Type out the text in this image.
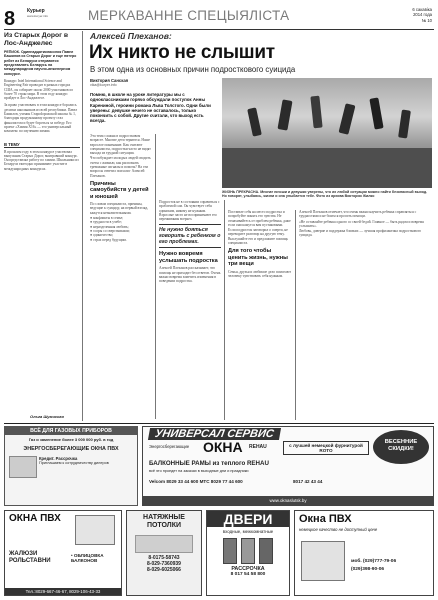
8 Курьер
www.kuryer.info	МЕРКАВАННЕ СПЕЦЫЯЛІСТА	6 сакавіка
2014 года
№ 10
Из Старых Дорог в Лос-Анджелес
РЕПИОК. Одиннадцатиклассник Павел Башилов из Старых Дорог и еще пятеро ребят из Беларуси отправятся представлять Беларусь на международном научно-инженерном конкурсе.
Конкурс Intel International Science and Engineering Fair проводят в разных городах США, он собирает около 2000 участников из более 70 стран мира. В этом году конкурс пройдет в Лос-Анджелесе.
За право участвовать в этом конкурсе боролись десятки школьников из всей республики. Павел Башилов, ученик Староdорожской школы № 1, благодаря продуманному проекту стал финалистом и будет бороться за победу. Его проект «Химия Х16» — это универсальный комплекс по изучению химии.
В ТЕМУ
В прошлом году в этом конкурсе участвовал выпускник Старых Дорог, выигравший конкурс. Он представлял работу по химии. Школьники из Беларуси ежегодно принимают участие в международных конкурсах.
Ольга Шумиская
Алексей Плеханов:
Их никто не слышит
В этом одна из основных причин подросткового суицида
Виктория Санская
vika@kuryer.info
Помню, в школе на уроке литературы мы с одноклассниками горячо обсуждали поступок Анны Карениной, героини романа Льва Толстого. Одни были уверены: девушке нечего не оставалось, только покончить с собой. Другие считали, что выход есть всегда.
ЖИЗНЬ ПРЕКРАСНА. Многие юноши и девушки уверены, что их любой ситуации можно найти безопасный выход. Но говорят, улыбаясь, жизни и она улыбается тебе. Фото из архива Виктории Жилко

Эта тема сложна в подростковом возрасте. Многие дети теряются. Наше взрослое понимание. Как считают специалисты, подростки часто не видят выхода из трудной ситуации.

Что побуждает молодых людей сводить счеты с жизнью, как распознать тревожные сигналы и помочь? На эти вопросы ответил психолог Алексей Плеханов.

Причины самоубийств у детей и юношей

По словам специалиста, причины, ведущие к суициду, на первый взгляд, кажутся незначительными.

● конфликты в семье;
● трудности в учебе;
● неразделенная любовь;
● ссоры со сверстниками;
● одиночество;
● страх перед будущим.

Подросток не в состоянии справиться с проблемой сам. Он чувствует себя одиноким, никому не нужным. Взрослые часто не воспринимают его переживания всерьез.

Не нужно бояться говорить с ребенком о его проблемах.
Нужно вовремя услышать подростка

Алексей Плеханов рассказывает, что помощь не приходит без ответов. Очень важно вовремя заметить изменения в поведении подростка.

Поставьте себя на место подростка и попробуйте понять его чувства. Не отмахивайтесь от проблем ребенка, даже если они кажутся вам пустяковыми.

Если подросток заговорил о смерти, не переводите разговор на другую тему. Выслушайте его и предложите помощь специалиста.

Для того чтобы ценить жизнь, нужны три вещи

Семья, друзья и любимое дело помогают человеку чувствовать себя нужным.

Алексей Плеханов отмечает, что очень важно научить ребенка справляться с трудностями и не бояться просить помощи.

«Не оставляйте ребенка одного со своей бедой. Главное — быть рядом и вовремя услышать».

Любовь, доверие и поддержка близких — лучшая профилактика подросткового суицида.

ВСЁ ДЛЯ ГАЗОВЫХ ПРИБОРОВ
Газ и заменение более 3 000 000 руб. в год
ЭНЕРГОСБЕРЕГАЮЩИЕ ОКНА ПВХ
Кредит. Рассрочка
Приглашаем к сотрудничеству дилеров
УНИВЕРСАЛ СЕРВИС
Энергосберегающие ОКНА REHAU	с лучшей немецкой фурнитурой ROTO
ВЕСЕННИЕ СКИДКИ!
БАЛКОННЫЕ РАМЫ из теплого REHAU
всё это проедет на заказах в выходные дни и праздники
Velcom 8029 33 44 600 МТС 8029 77 44 600	8017 42 43 44
www.oknaslutsk.by
ОКНА ПВХ
ЖАЛЮЗИ РОЛЬСТАВНИ
• ОБЛИЦОВКА БАЛКОНОВ
Тел.:8029-667-46-67, 8029-106-43-33
НАТЯЖНЫЕ ПОТОЛКИ
8-0175-58743
8-029-7360939
8-029-6025066
ДВЕРИ
входные, межкомнатные
РАССРОЧКА
8 017 54 58 800
Окна ПВХ
немецкое качество не доступный цене
моб. (029)777-79-06
(029)398-90-06
